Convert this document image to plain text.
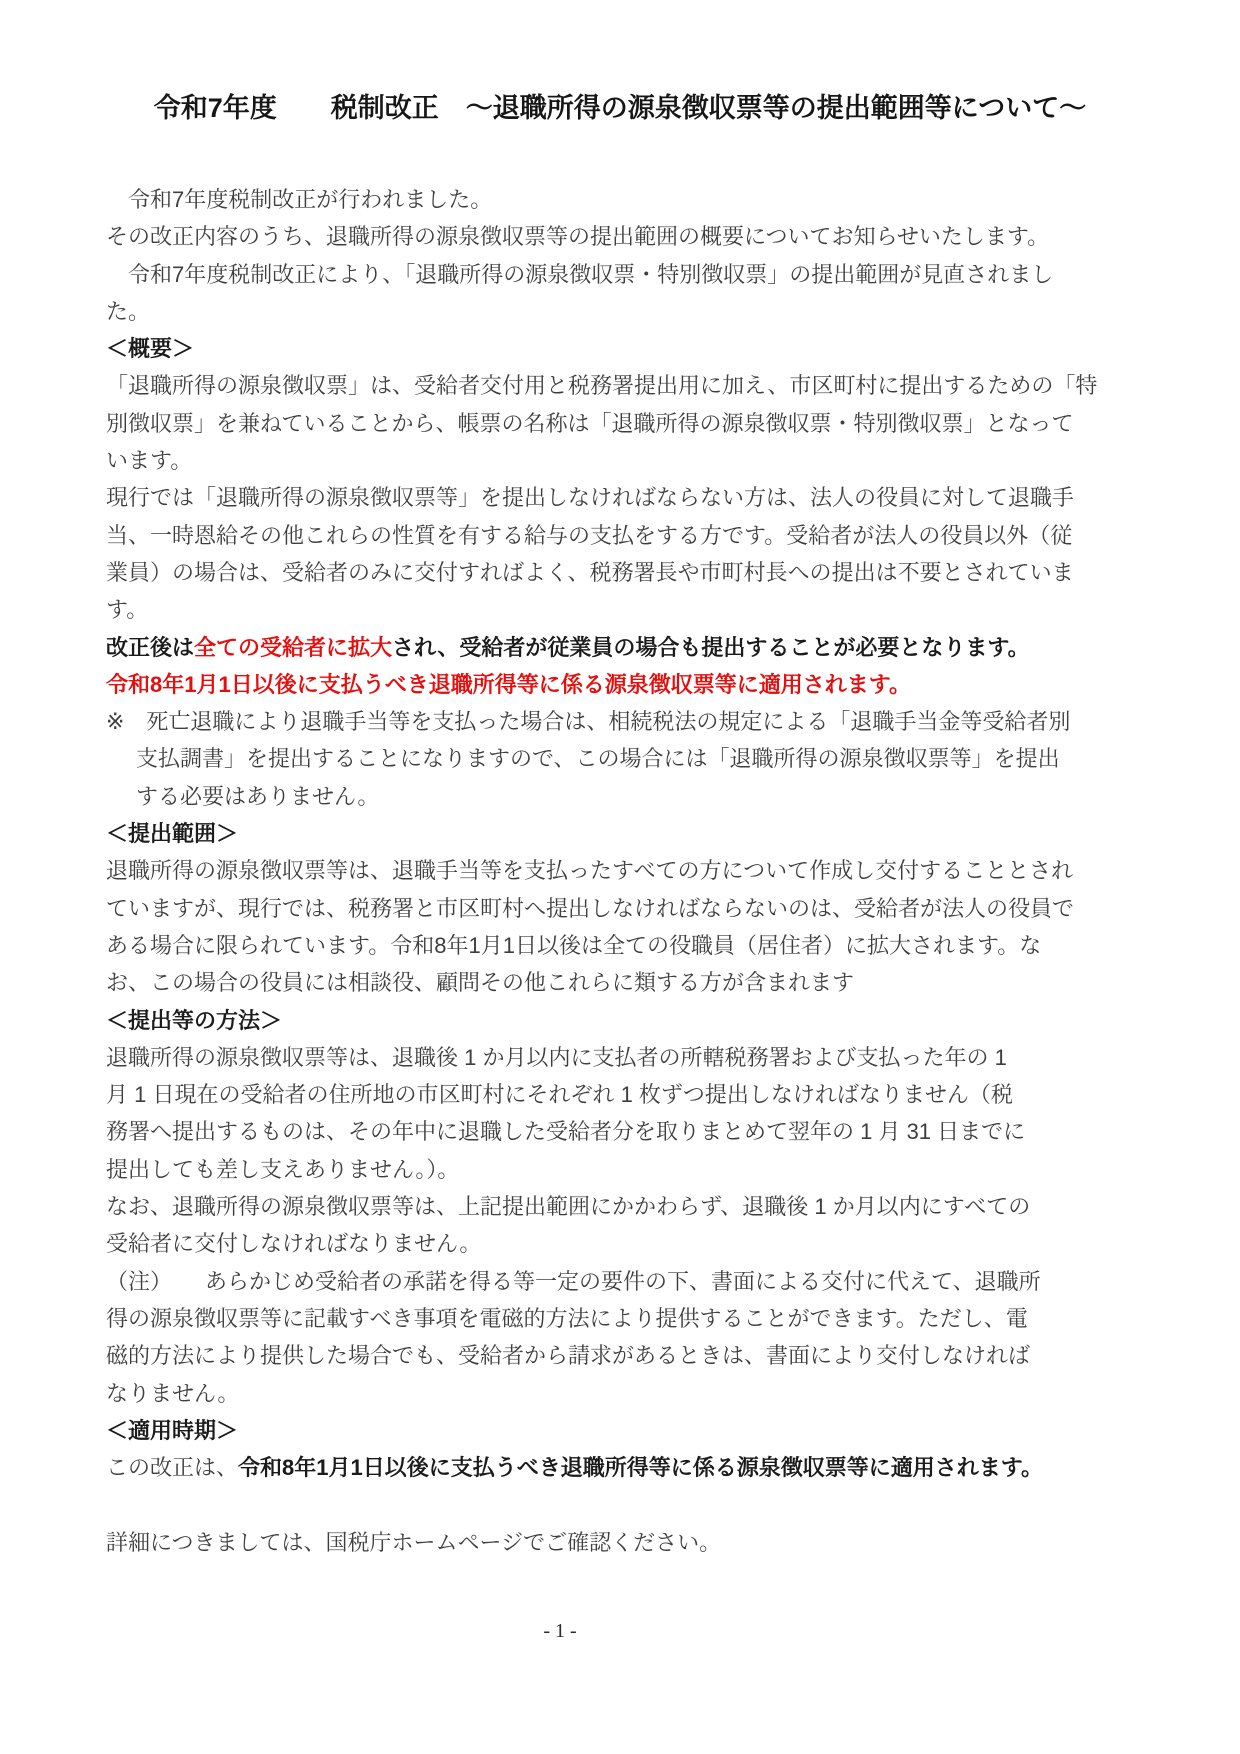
令和7年度　　税制改正　～退職所得の源泉徴収票等の提出範囲等について～
　令和7年度税制改正が行われました。
その改正内容のうち、退職所得の源泉徴収票等の提出範囲の概要についてお知らせいたします。
　令和7年度税制改正により、「退職所得の源泉徴収票・特別徴収票」の提出範囲が見直されまし
た。
＜概要＞
「退職所得の源泉徴収票」は、受給者交付用と税務署提出用に加え、市区町村に提出するための「特
別徴収票」を兼ねていることから、帳票の名称は「退職所得の源泉徴収票・特別徴収票」となって
います。
現行では「退職所得の源泉徴収票等」を提出しなければならない方は、法人の役員に対して退職手
当、一時恩給その他これらの性質を有する給与の支払をする方です。受給者が法人の役員以外（従
業員）の場合は、受給者のみに交付すればよく、税務署長や市町村長への提出は不要とされていま
す。
改正後は全ての受給者に拡大され、受給者が従業員の場合も提出することが必要となります。
令和8年1月1日以後に支払うべき退職所得等に係る源泉徴収票等に適用されます。
※　死亡退職により退職手当等を支払った場合は、相続税法の規定による「退職手当金等受給者別
支払調書」を提出することになりますので、この場合には「退職所得の源泉徴収票等」を提出
する必要はありません。
＜提出範囲＞
退職所得の源泉徴収票等は、退職手当等を支払ったすべての方について作成し交付することとされ
ていますが、現行では、税務署と市区町村へ提出しなければならないのは、受給者が法人の役員で
ある場合に限られています。令和8年1月1日以後は全ての役職員（居住者）に拡大されます。な
お、この場合の役員には相談役、顧問その他これらに類する方が含まれます
＜提出等の方法＞
退職所得の源泉徴収票等は、退職後 1 か月以内に支払者の所轄税務署および支払った年の 1
月 1 日現在の受給者の住所地の市区町村にそれぞれ 1 枚ずつ提出しなければなりません（税
務署へ提出するものは、その年中に退職した受給者分を取りまとめて翌年の 1 月 31 日までに
提出しても差し支えありません。）。
なお、退職所得の源泉徴収票等は、上記提出範囲にかかわらず、退職後 1 か月以内にすべての
受給者に交付しなければなりません。
（注）　　あらかじめ受給者の承諾を得る等一定の要件の下、書面による交付に代えて、退職所
得の源泉徴収票等に記載すべき事項を電磁的方法により提供することができます。ただし、電
磁的方法により提供した場合でも、受給者から請求があるときは、書面により交付しなければ
なりません。
＜適用時期＞
この改正は、令和8年1月1日以後に支払うべき退職所得等に係る源泉徴収票等に適用されます。
詳細につきましては、国税庁ホームページでご確認ください。
- 1 -
